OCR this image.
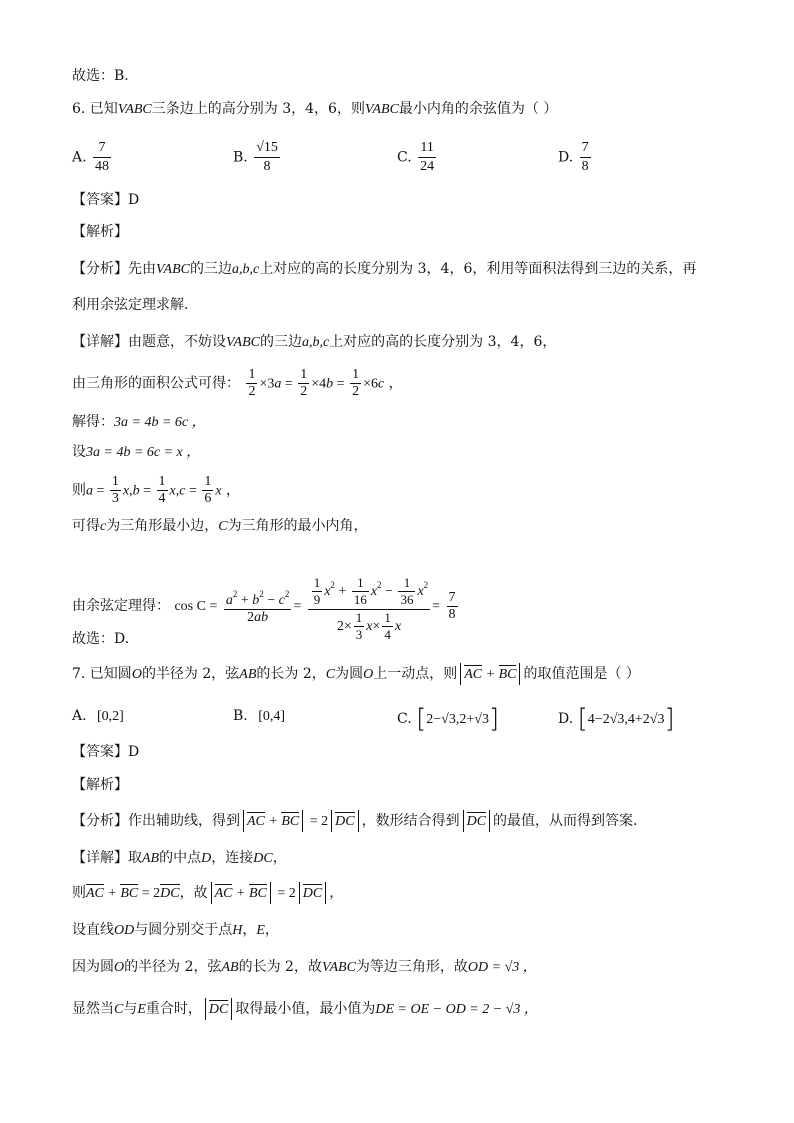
故选：B.
6. 已知VABC三条边上的高分别为 3，4，6，则VABC最小内角的余弦值为（ ）
A. $\frac{7}{48}$	B. $\frac{√15}{8}$	C. $\frac{11}{24}$	D. $\frac{7}{8}$
【答案】D
【解析】
【分析】先由VABC的三边a,b,c上对应的高的长度分别为 3，4，6，利用等面积法得到三边的关系，再
利用余弦定理求解.
【详解】由题意，不妨设VABC的三边a,b,c上对应的高的长度分别为 3，4，6，
由三角形的面积公式可得： $\frac{1}{2} \times 3a = \frac{1}{2} \times 4b = \frac{1}{2} \times 6c$ ，
解得：3a = 4b = 6c ，
设3a = 4b = 6c = x ，
则$a = \frac{1}{3} x,b = \frac{1}{4} x,c = \frac{1}{6}$ x ，
可得c为三角形最小边，C为三角形的最小内角，
由余弦定理得： $\cos C = \frac{a^2 + b^2 - c^2}{2ab} = \frac{\frac{1}{9} x^2 + \frac{1}{16} x^2 - \frac{1}{36} x^2}{2\times \frac{1}{3} x\times \frac{1}{4} x} = \frac{7}{8}$
故选：D.
7. 已知圆O的半径为 2，弦AB的长为 2，C为圆O上一动点，则 AC + BC 的取值范围是（ ）
A. [0,2]	B. [0,4]	C. [2−√3,2+√3]	D. [4−2√3,4+2√3]
【答案】D
【解析】
【分析】作出辅助线，得到 AC + BC = 2 DC ，数形结合得到 DC 的最值，从而得到答案.
【详解】取AB的中点D，连接DC，
则AC + BC = 2DC，故 AC + BC = 2 DC ，
设直线OD与圆分别交于点H，E，
因为圆O的半径为 2，弦AB的长为 2，故VABC为等边三角形，故OD = √3 ，
显然当C与E重合时， DC 取得最小值，最小值为DE = OE − OD = 2 − √3 ，
